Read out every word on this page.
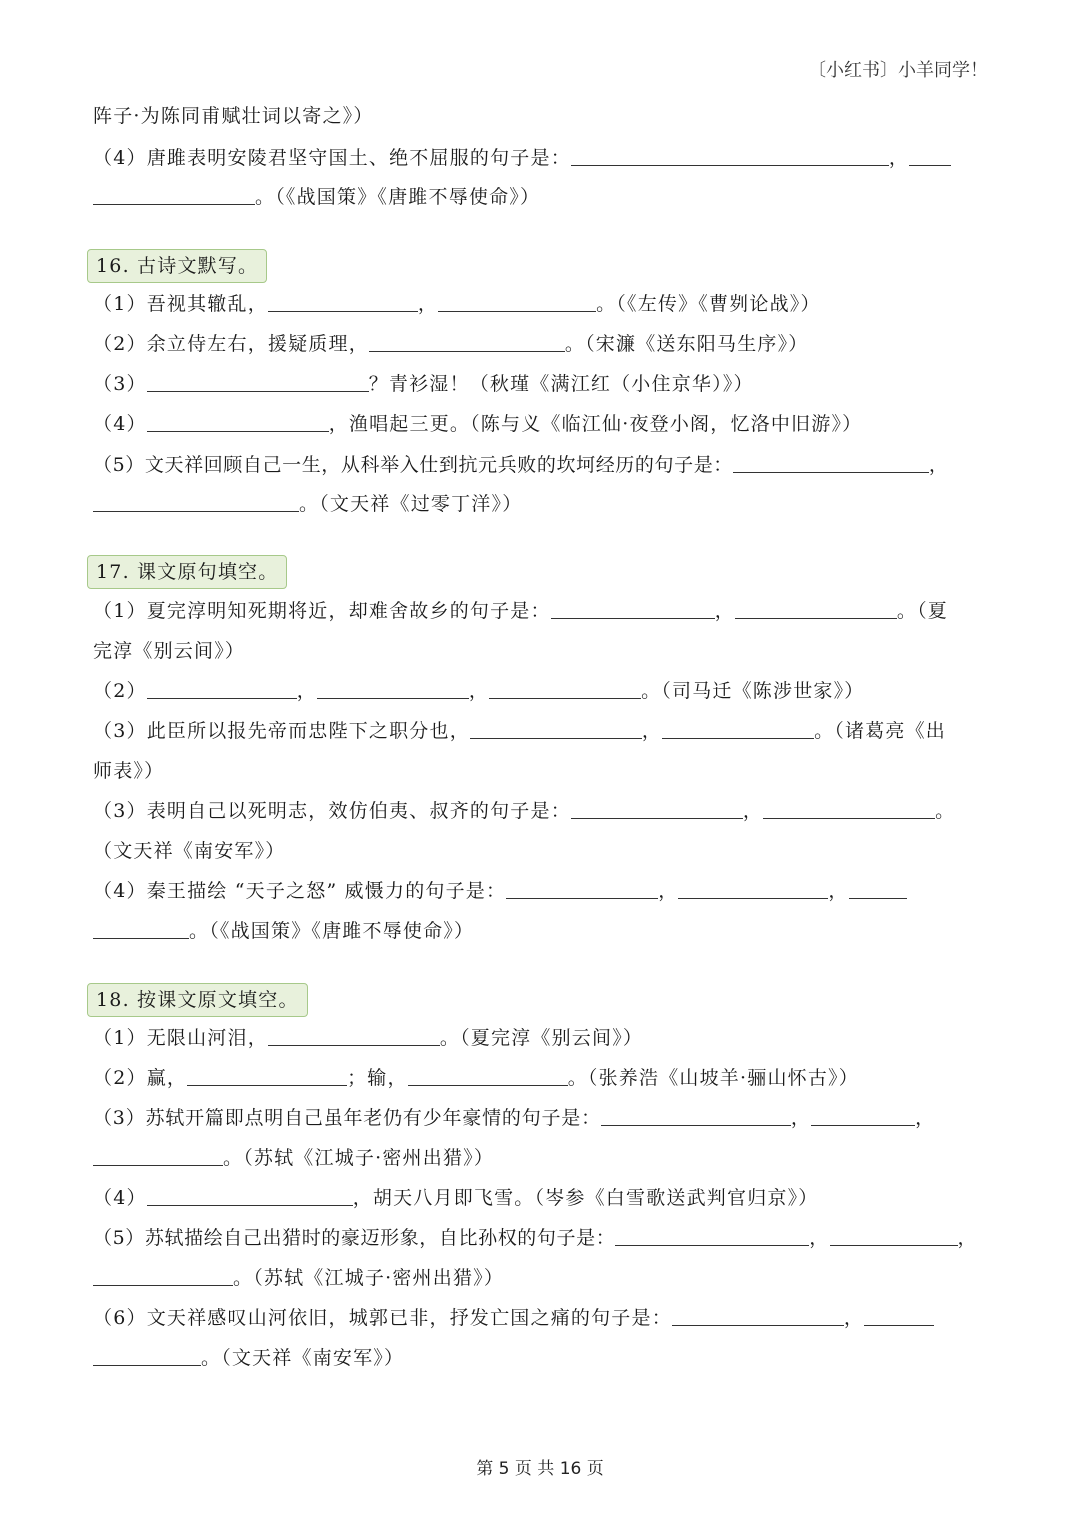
〔小红书〕小羊同学！
阵子·为陈同甫赋壮词以寄之》）
（4）唐雎表明安陵君坚守国土、绝不屈服的句子是：	，
。（《战国策》《唐雎不辱使命》）
16. 古诗文默写。
（1）吾视其辙乱，	，	。（《左传》《曹刿论战》）
（2）余立侍左右，援疑质理，	。（宋濂《送东阳马生序》）
（3）	？青衫湿！（秋瑾《满江红（小住京华）》）
（4）	，渔唱起三更。（陈与义《临江仙·夜登小阁，忆洛中旧游》）
（5）文天祥回顾自己一生，从科举入仕到抗元兵败的坎坷经历的句子是：	，
。（文天祥《过零丁洋》）
17. 课文原句填空。
（1）夏完淳明知死期将近，却难舍故乡的句子是：	，	。（夏
完淳《别云间》）
（2）	，	，	。（司马迁《陈涉世家》）
（3）此臣所以报先帝而忠陛下之职分也，	，	。（诸葛亮《出
师表》）
（3）表明自己以死明志，效仿伯夷、叔齐的句子是：	，	。
（文天祥《南安军》）
（4）秦王描绘 “天子之怒” 威慑力的句子是：	，	，
。（《战国策》《唐雎不辱使命》）
18. 按课文原文填空。
（1）无限山河泪，	。（夏完淳《别云间》）
（2）赢，	；输，	。（张养浩《山坡羊·骊山怀古》）
（3）苏轼开篇即点明自己虽年老仍有少年豪情的句子是：	，	，
。（苏轼《江城子·密州出猎》）
（4）	，胡天八月即飞雪。（岑参《白雪歌送武判官归京》）
（5）苏轼描绘自己出猎时的豪迈形象，自比孙权的句子是：	，	，
。（苏轼《江城子·密州出猎》）
（6）文天祥感叹山河依旧，城郭已非，抒发亡国之痛的句子是：	，
。（文天祥《南安军》）
第 5 页 共 16 页
